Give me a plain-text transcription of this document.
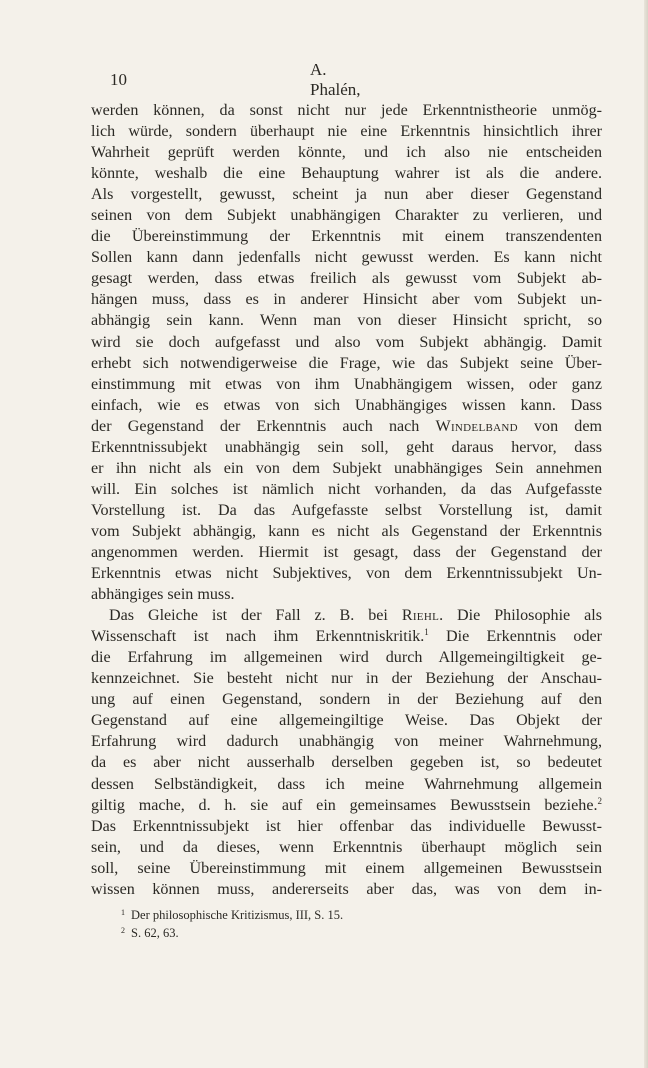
10
A. Phalén,
werden können, da sonst nicht nur jede Erkenntnistheorie unmög-
lich würde, sondern überhaupt nie eine Erkenntnis hinsichtlich ihrer
Wahrheit geprüft werden könnte, und ich also nie entscheiden
könnte, weshalb die eine Behauptung wahrer ist als die andere.
Als vorgestellt, gewusst, scheint ja nun aber dieser Gegenstand
seinen von dem Subjekt unabhängigen Charakter zu verlieren, und
die Übereinstimmung der Erkenntnis mit einem transzendenten
Sollen kann dann jedenfalls nicht gewusst werden. Es kann nicht
gesagt werden, dass etwas freilich als gewusst vom Subjekt ab-
hängen muss, dass es in anderer Hinsicht aber vom Subjekt un-
abhängig sein kann. Wenn man von dieser Hinsicht spricht, so
wird sie doch aufgefasst und also vom Subjekt abhängig. Damit
erhebt sich notwendigerweise die Frage, wie das Subjekt seine Über-
einstimmung mit etwas von ihm Unabhängigem wissen, oder ganz
einfach, wie es etwas von sich Unabhängiges wissen kann. Dass
der Gegenstand der Erkenntnis auch nach Windelband von dem
Erkenntnissubjekt unabhängig sein soll, geht daraus hervor, dass
er ihn nicht als ein von dem Subjekt unabhängiges Sein annehmen
will. Ein solches ist nämlich nicht vorhanden, da das Aufgefasste
Vorstellung ist. Da das Aufgefasste selbst Vorstellung ist, damit
vom Subjekt abhängig, kann es nicht als Gegenstand der Erkenntnis
angenommen werden. Hiermit ist gesagt, dass der Gegenstand der
Erkenntnis etwas nicht Subjektives, von dem Erkenntnissubjekt Un-
abhängiges sein muss.
Das Gleiche ist der Fall z. B. bei Riehl. Die Philosophie als
Wissenschaft ist nach ihm Erkenntniskritik.$^1$ Die Erkenntnis oder
die Erfahrung im allgemeinen wird durch Allgemeingiltigkeit ge-
kennzeichnet. Sie besteht nicht nur in der Beziehung der Anschau-
ung auf einen Gegenstand, sondern in der Beziehung auf den
Gegenstand auf eine allgemeingiltige Weise. Das Objekt der
Erfahrung wird dadurch unabhängig von meiner Wahrnehmung,
da es aber nicht ausserhalb derselben gegeben ist, so bedeutet
dessen Selbständigkeit, dass ich meine Wahrnehmung allgemein
giltig mache, d. h. sie auf ein gemeinsames Bewusstsein beziehe.$^2$
Das Erkenntnissubjekt ist hier offenbar das individuelle Bewusst-
sein, und da dieses, wenn Erkenntnis überhaupt möglich sein
soll, seine Übereinstimmung mit einem allgemeinen Bewusstsein
wissen können muss, andererseits aber das, was von dem in-
$^1$ Der philosophische Kritizismus, III, S. 15.
$^2$ S. 62, 63.
